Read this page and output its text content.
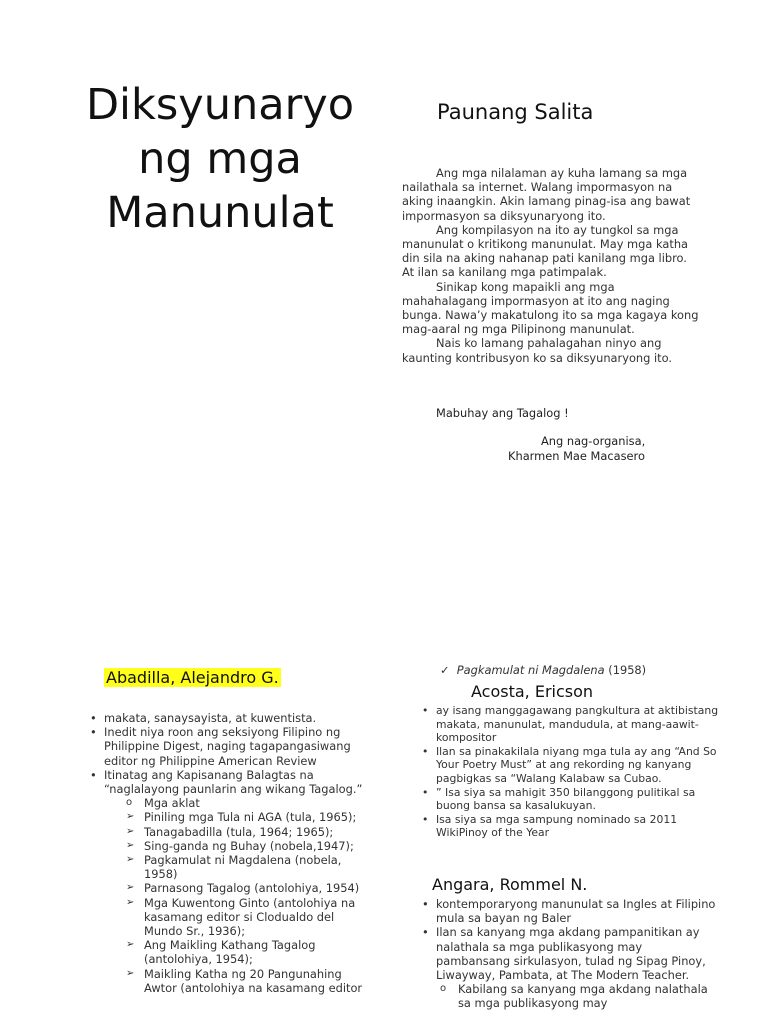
Diksyunaryo
ng mga
Manunulat
Paunang Salita

Ang mga nilalaman ay kuha lamang sa mga nailathala sa internet. Walang impormasyon na aking inaangkin. Akin lamang pinag-isa ang bawat impormasyon sa diksyunaryong ito.

Ang kompilasyon na ito ay tungkol sa mga manunulat o kritikong manunulat. May mga katha din sila na aking nahanap pati kanilang mga libro. At ilan sa kanilang mga patimpalak.

Sinikap kong mapaikli ang mga mahahalagang impormasyon at ito ang naging bunga. Nawa’y makatulong ito sa mga kagaya kong mag-aaral ng mga Pilipinong manunulat.

Nais ko lamang pahalagahan ninyo ang kaunting kontribusyon ko sa diksyunaryong ito.

Mabuhay ang Tagalog !
Ang nag-organisa,
Kharmen Mae Macasero
Abadilla, Alejandro G.
• makata, sanaysayista, at kuwentista.
• Inedit niya roon ang seksiyong Filipino ng Philippine Digest, naging tagapangasiwang editor ng Philippine American Review
• Itinatag ang Kapisanang Balagtas na “naglalayong paunlarin ang wikang Tagalog.”
o Mga aklat
➢ Piniling mga Tula ni AGA (tula, 1965);
➢ Tanagabadilla (tula, 1964; 1965);
➢ Sing-ganda ng Buhay (nobela,1947);
➢ Pagkamulat ni Magdalena (nobela, 1958)
➢ Parnasong Tagalog (antolohiya, 1954)
➢ Mga Kuwentong Ginto (antolohiya na kasamang editor si Clodualdo del Mundo Sr., 1936);
➢ Ang Maikling Kathang Tagalog (antolohiya, 1954);
➢ Maikling Katha ng 20 Pangunahing Awtor (antolohiya na kasamang editor
✓ Pagkamulat ni Magdalena (1958)
Acosta, Ericson
• ay isang manggagawang pangkultura at aktibistang makata, manunulat, mandudula, at mang-aawit-kompositor
• Ilan sa pinakakilala niyang mga tula ay ang “And So Your Poetry Must” at ang rekording ng kanyang pagbigkas sa “Walang Kalabaw sa Cubao.
• ” Isa siya sa mahigit 350 bilanggong pulitikal sa buong bansa sa kasalukuyan.
• Isa siya sa mga sampung nominado sa 2011 WikiPinoy of the Year
Angara, Rommel N.
• kontemporaryong manunulat sa Ingles at Filipino mula sa bayan ng Baler
• Ilan sa kanyang mga akdang pampanitikan ay nalathala sa mga publikasyong may pambansang sirkulasyon, tulad ng Sipag Pinoy, Liwayway, Pambata, at The Modern Teacher.
o Kabilang sa kanyang mga akdang nalathala sa mga publikasyong may
